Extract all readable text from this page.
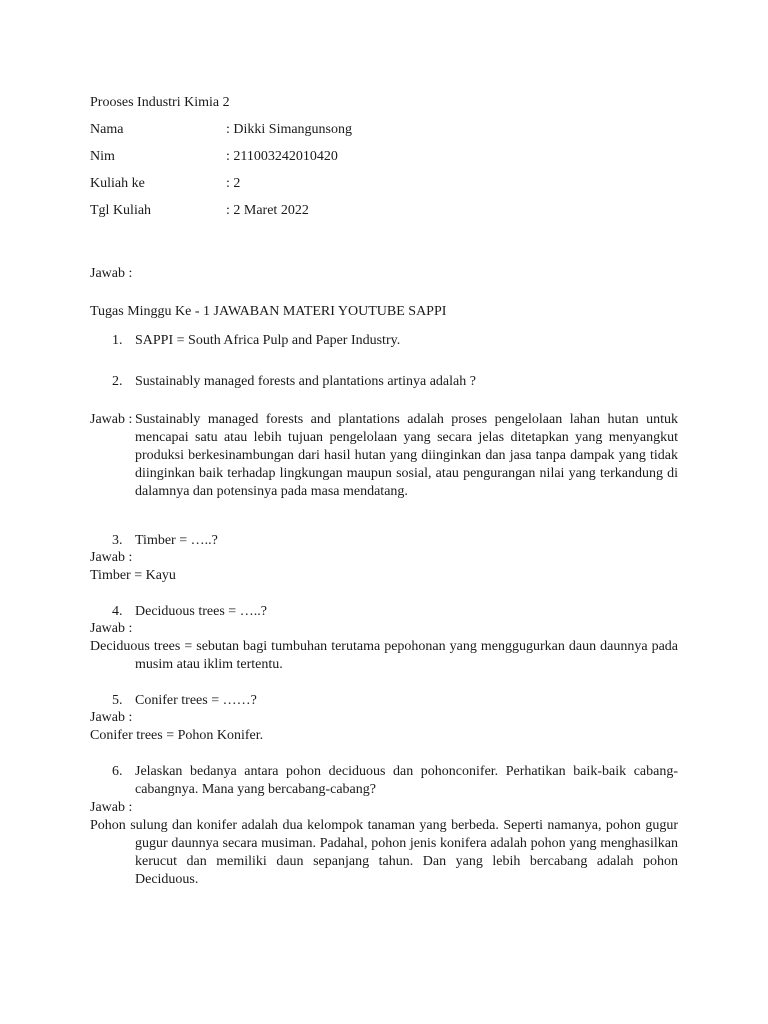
Prooses Industri Kimia 2
Nama	: Dikki Simangunsong
Nim	: 211003242010420
Kuliah ke	: 2
Tgl Kuliah	: 2 Maret 2022
Jawab :
Tugas Minggu Ke - 1 JAWABAN MATERI YOUTUBE SAPPI
1. SAPPI = South Africa Pulp and Paper Industry.
2. Sustainably managed forests and plantations artinya adalah ?
Jawab : Sustainably managed forests and plantations adalah proses pengelolaan lahan hutan untuk mencapai satu atau lebih tujuan pengelolaan yang secara jelas ditetapkan yang menyangkut produksi berkesinambungan dari hasil hutan yang diinginkan dan jasa tanpa dampak yang tidak diinginkan baik terhadap lingkungan maupun sosial, atau pengurangan nilai yang terkandung di dalamnya dan potensinya pada masa mendatang.
3. Timber = …..?
Jawab :
Timber = Kayu
4. Deciduous trees = …..?
Jawab :
Deciduous trees = sebutan bagi tumbuhan terutama pepohonan yang menggugurkan daun daunnya pada musim atau iklim tertentu.
5. Conifer trees = ……?
Jawab :
Conifer trees = Pohon Konifer.
6. Jelaskan bedanya antara pohon deciduous dan pohonconifer. Perhatikan baik-baik cabang-cabangnya. Mana yang bercabang-cabang?
Jawab :
Pohon sulung dan konifer adalah dua kelompok tanaman yang berbeda. Seperti namanya, pohon gugur gugur daunnya secara musiman. Padahal, pohon jenis konifera adalah pohon yang menghasilkan kerucut dan memiliki daun sepanjang tahun. Dan yang lebih bercabang adalah pohon Deciduous.
